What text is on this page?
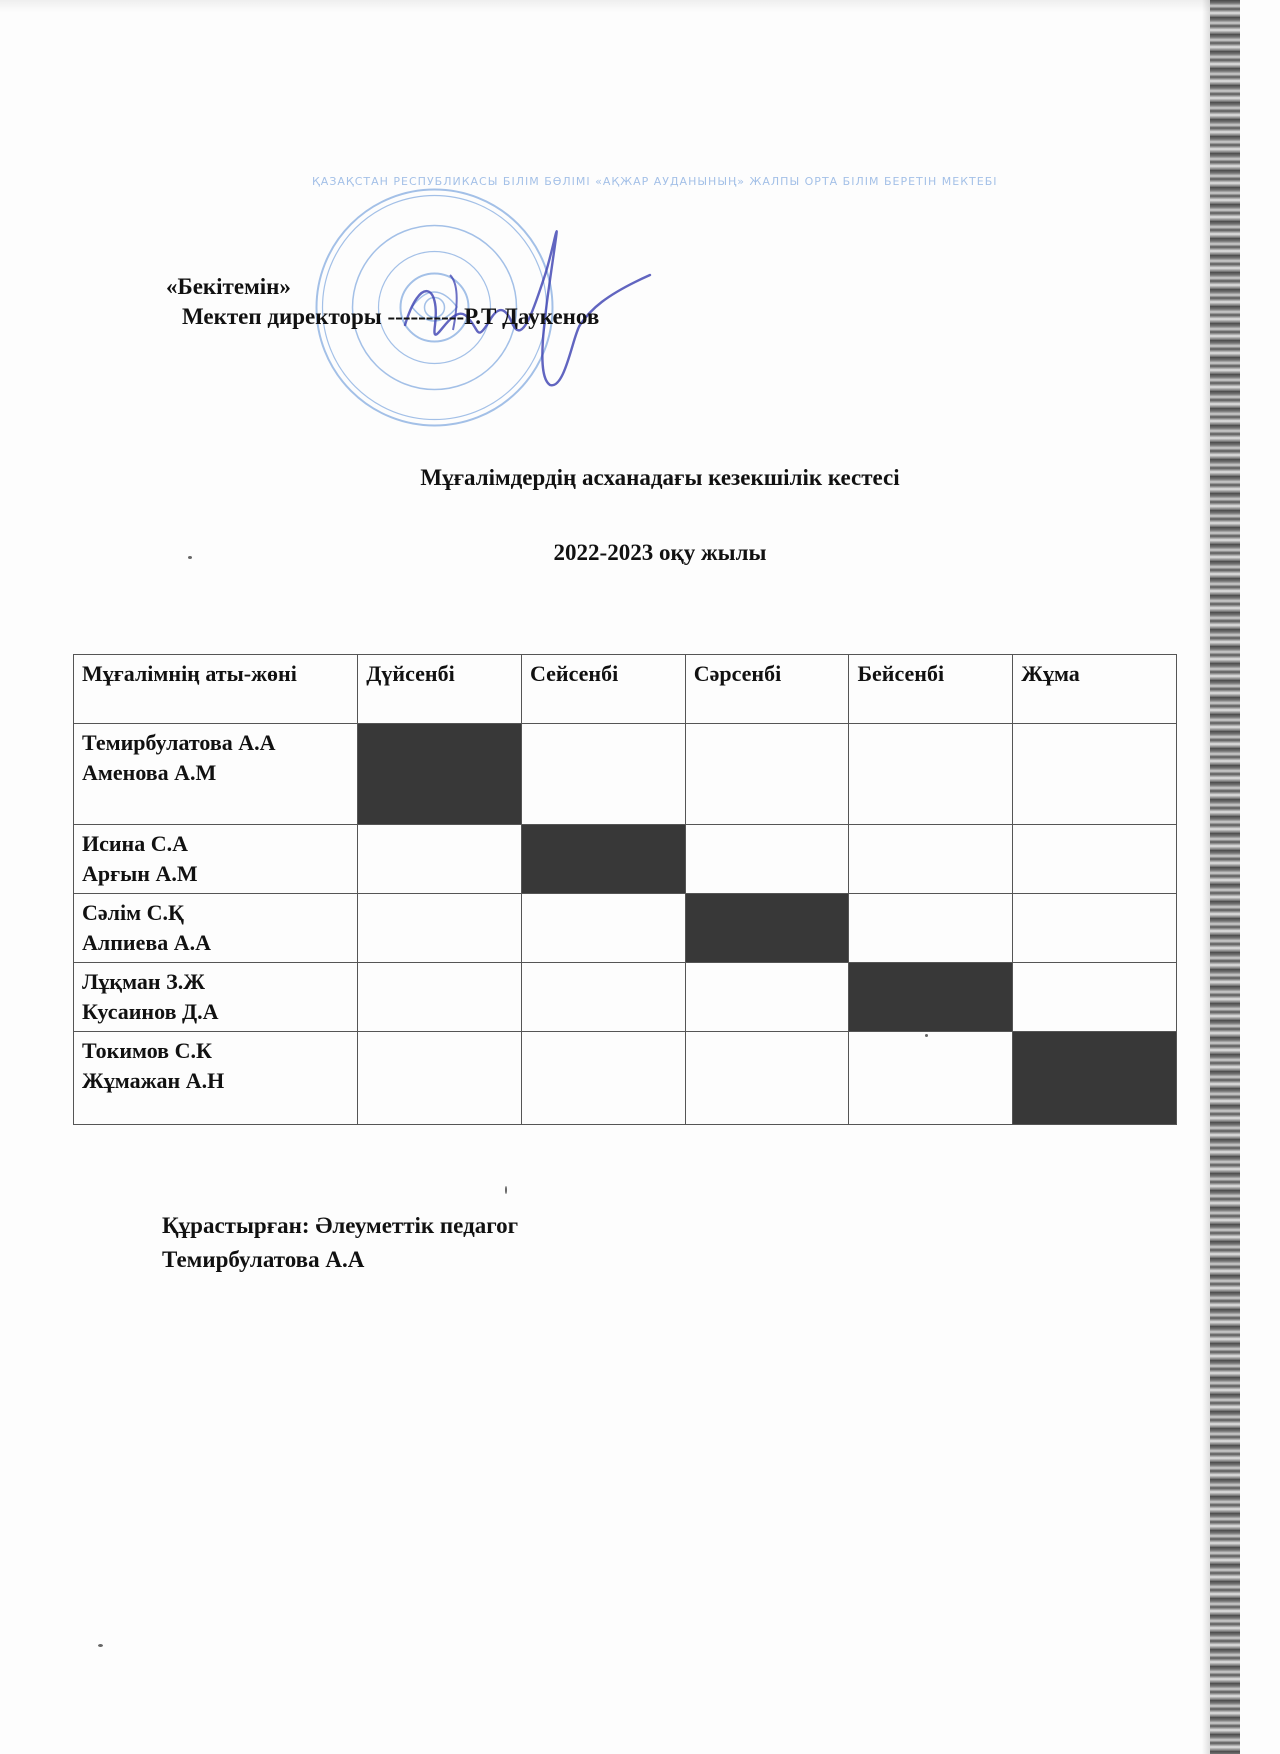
ҚАЗАҚСТАН РЕСПУБЛИКАСЫ БІЛІМ БӨЛІМІ «АҚЖАР АУДАНЫНЫҢ» ЖАЛПЫ ОРТА БІЛІМ БЕРЕТІН МЕКТЕБІ
«Бекітемін»
Мектеп директоры ----------Р.Т Даукенов
Мұғалімдердің асханадағы кезекшілік кестесі
2022-2023 оқу жылы
Мұғалімнің аты-жөні	Дүйсенбі	Сейсенбі	Сәрсенбі	Бейсенбі	Жұма

Темирбулатова А.А
Аменова А.М					

Исина С.А
Арғын А.М					

Сәлім С.Қ
Алпиева А.А					

Лұқман З.Ж
Кусаинов Д.А					

Токимов С.К
Жұмажан А.Н					

Құрастырған: Әлеуметтік педагог
Темирбулатова А.А
